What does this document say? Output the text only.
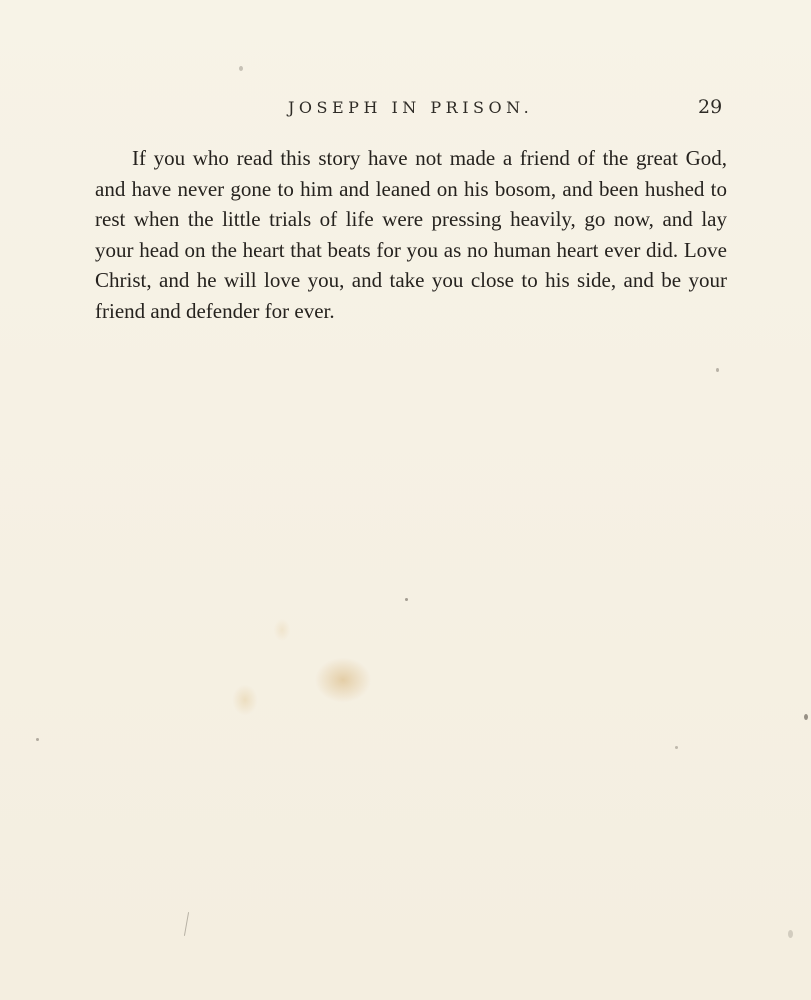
JOSEPH IN PRISON.	29

If you who read this story have not made a friend of the great God, and have never gone to him and leaned on his bosom, and been hushed to rest when the little trials of life were pressing heavily, go now, and lay your head on the heart that beats for you as no human heart ever did. Love Christ, and he will love you, and take you close to his side, and be your friend and defender for ever.
